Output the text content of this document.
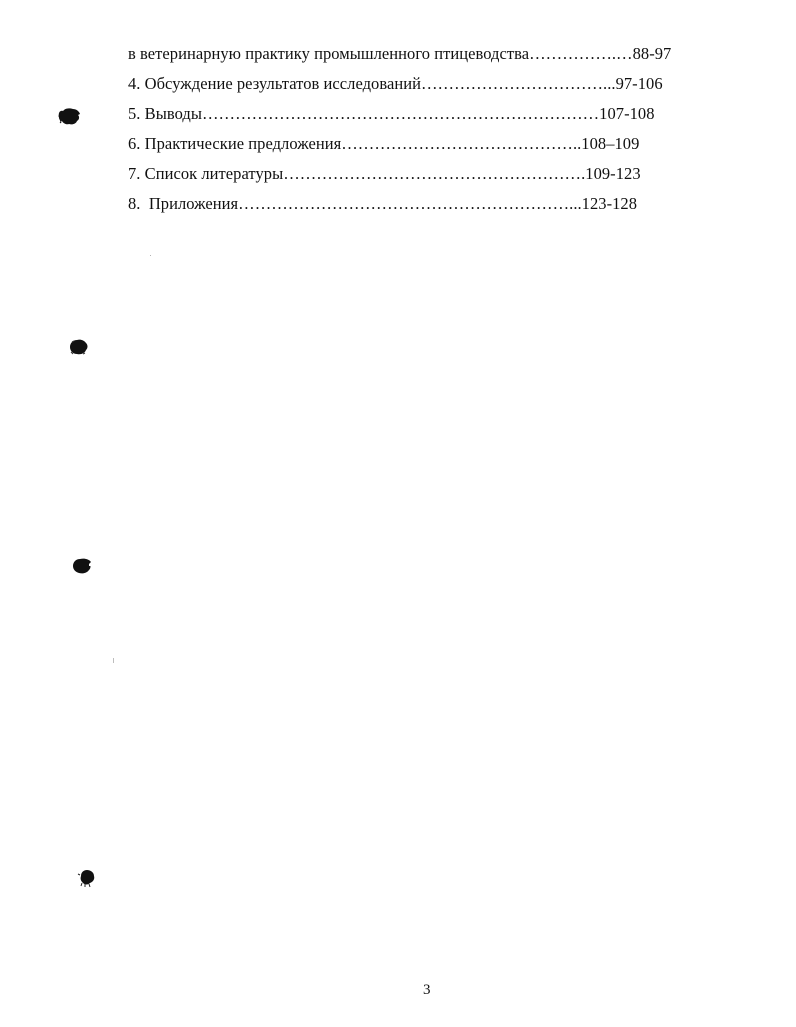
в ветеринарную практику промышленного птицеводства…………….…88-97
4. Обсуждение результатов исследований……………………………...97-106
5. Выводы………………………………………………………………107-108
6. Практические предложения……………………………………..108–109
7. Список литературы……………………………………………….109-123
8.  Приложения……………………………………………………...123-128
3
